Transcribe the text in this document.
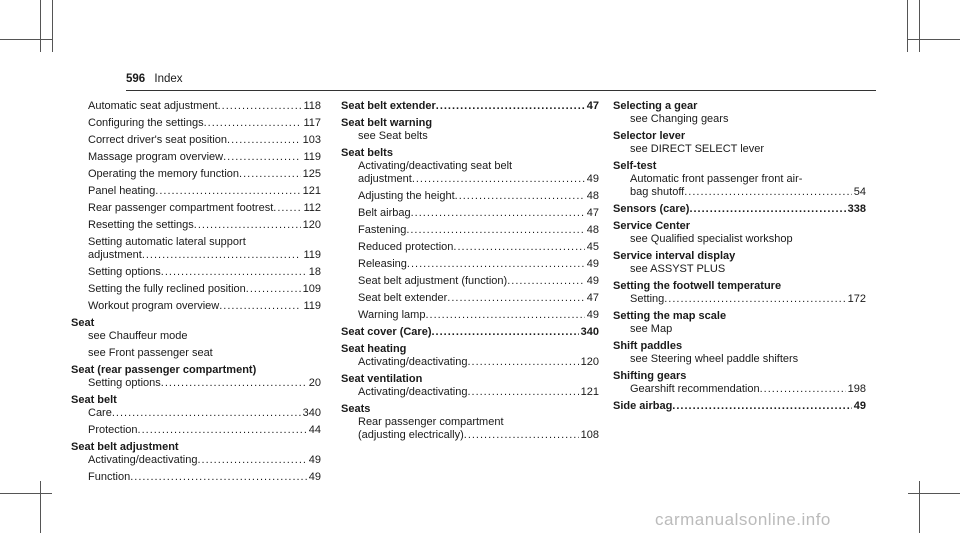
596 Index
Automatic seat adjustment .....	118
Configuring the settings .....	117
Correct driver's seat position .....	103
Massage program overview .....	119
Operating the memory function .....	125
Panel heating .....	121
Rear passenger compartment footrest .....	112
Resetting the settings .....	120
Setting automatic lateral support
adjustment .....	119
Setting options .....	18
Setting the fully reclined position .....	109
Workout program overview .....	119
Seat
see Chauffeur mode
see Front passenger seat
Seat (rear passenger compartment)
Setting options .....	20
Seat belt
Care .....	340
Protection .....	44
Seat belt adjustment
Activating/deactivating .....	49
Function .....	49
Seat belt extender .....	47
Seat belt warning
see Seat belts
Seat belts
Activating/deactivating seat belt
adjustment .....	49
Adjusting the height .....	48
Belt airbag .....	47
Fastening .....	48
Reduced protection .....	45
Releasing .....	49
Seat belt adjustment (function) .....	49
Seat belt extender .....	47
Warning lamp .....	49
Seat cover (Care) .....	340
Seat heating
Activating/deactivating .....	120
Seat ventilation
Activating/deactivating .....	121
Seats
Rear passenger compartment
(adjusting electrically) .....	108
Selecting a gear
see Changing gears
Selector lever
see DIRECT SELECT lever
Self-test
Automatic front passenger front air-
bag shutoff .....	54
Sensors (care) .....	338
Service Center
see Qualified specialist workshop
Service interval display
see ASSYST PLUS
Setting the footwell temperature
Setting .....	172
Setting the map scale
see Map
Shift paddles
see Steering wheel paddle shifters
Shifting gears
Gearshift recommendation .....	198
Side airbag .....	49
carmanualsonline.info
